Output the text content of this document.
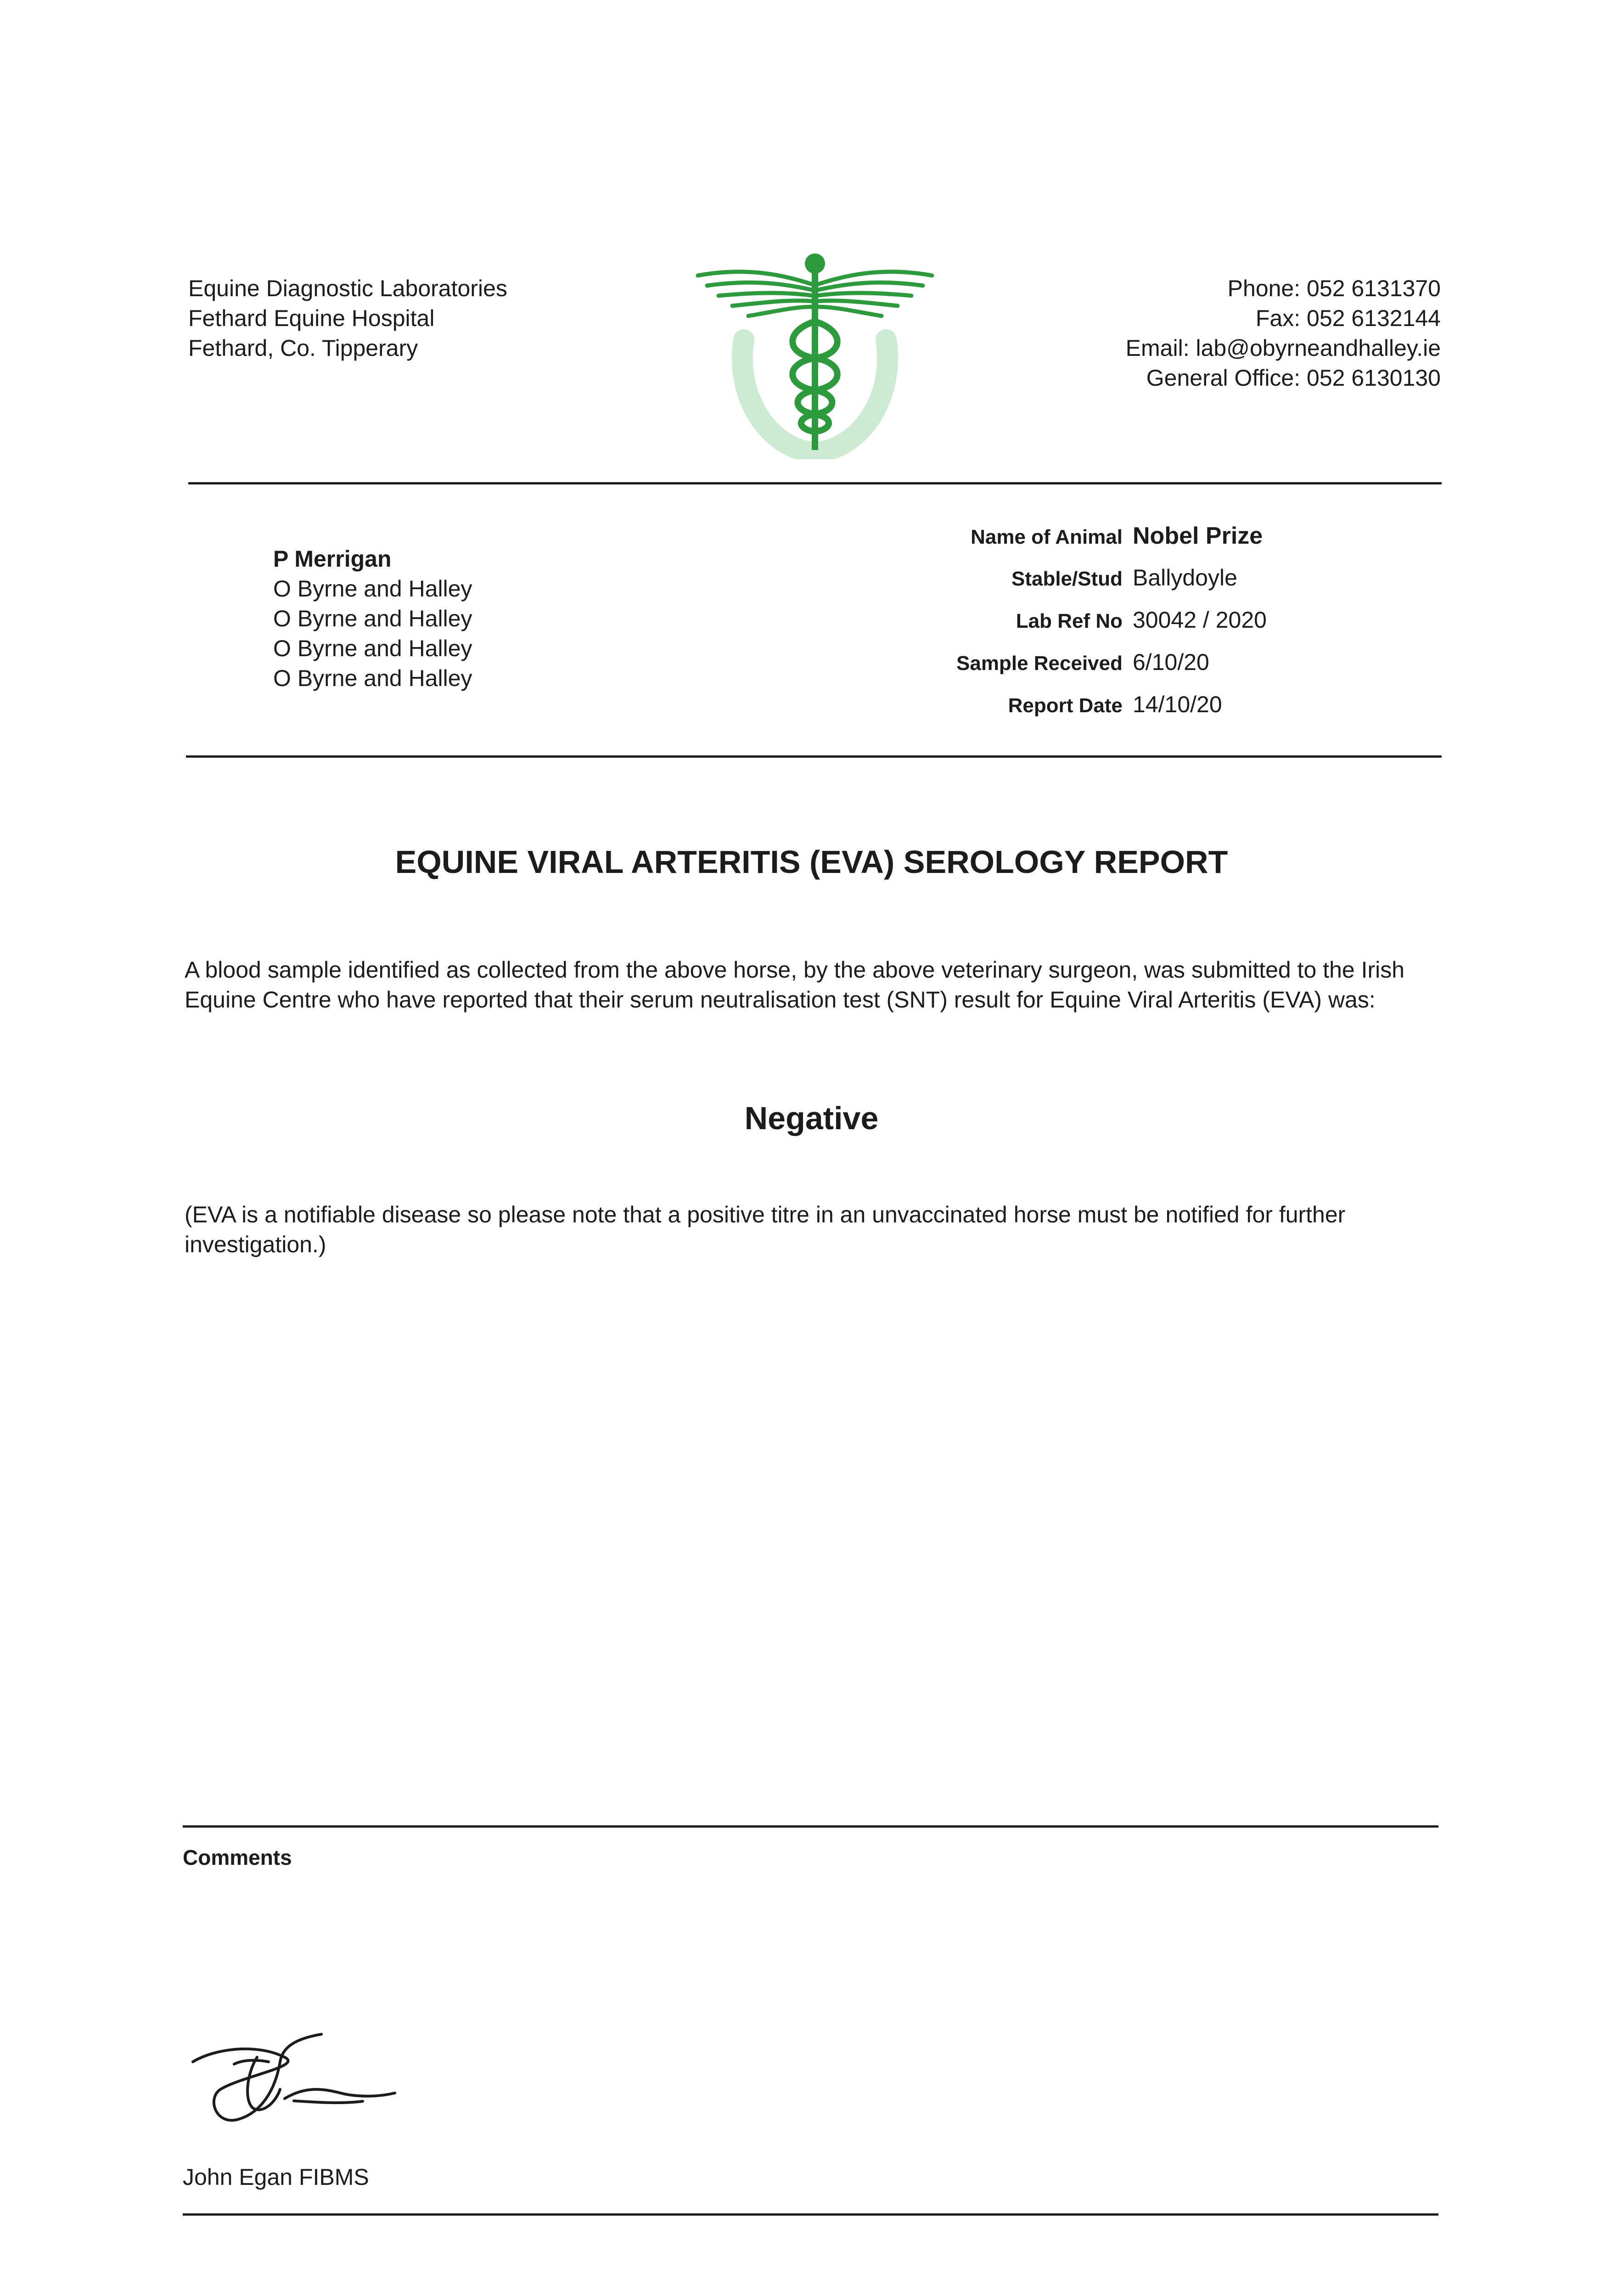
Equine Diagnostic Laboratories
Fethard Equine Hospital
Fethard, Co. Tipperary
Phone: 052 6131370
Fax: 052 6132144
Email: lab@obyrneandhalley.ie
General Office: 052 6130130
P Merrigan
O Byrne and Halley
O Byrne and Halley
O Byrne and Halley
O Byrne and Halley
Name of Animal Nobel Prize
Stable/Stud Ballydoyle
Lab Ref No 30042 / 2020
Sample Received 6/10/20
Report Date 14/10/20
EQUINE VIRAL ARTERITIS (EVA) SEROLOGY REPORT
A blood sample identified as collected from the above horse, by the above veterinary surgeon, was submitted to the Irish Equine Centre who have reported that their serum neutralisation test (SNT) result for Equine Viral Arteritis (EVA) was:
Negative
(EVA is a notifiable disease so please note that a positive titre in an unvaccinated horse must be notified for further investigation.)
Comments
John Egan FIBMS
